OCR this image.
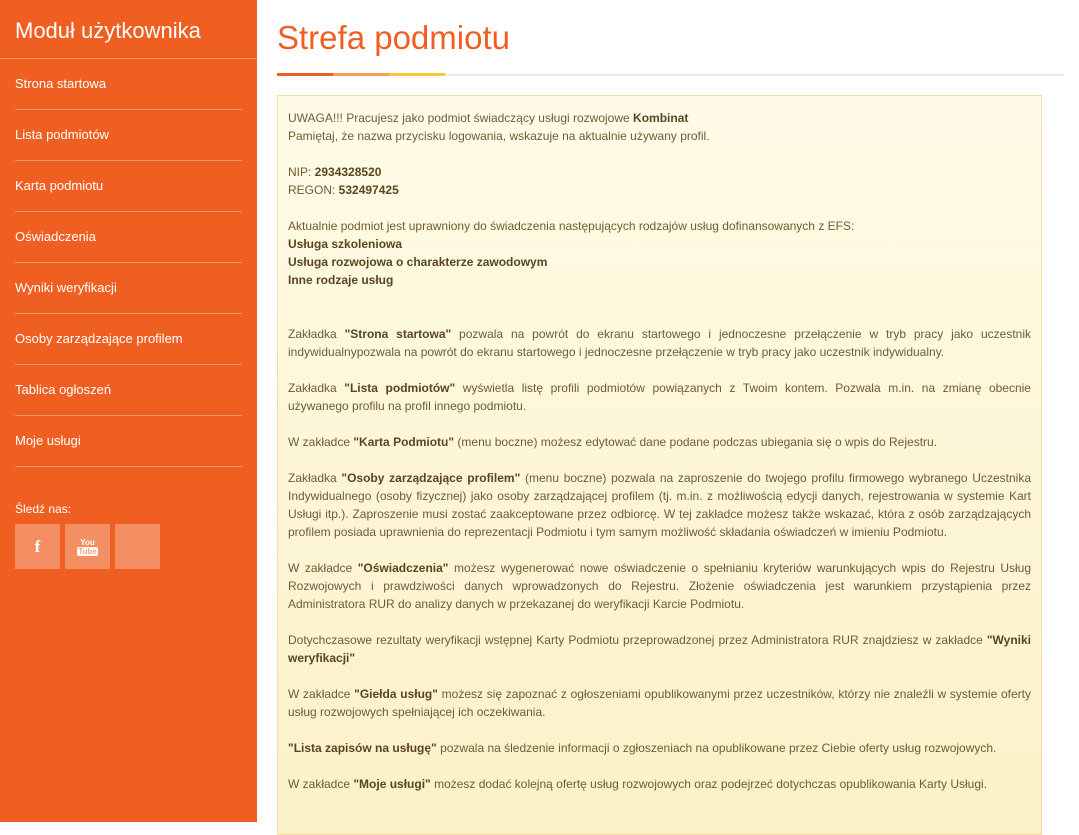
Moduł użytkownika
Strona startowa
Lista podmiotów
Karta podmiotu
Oświadczenia
Wyniki weryfikacji
Osoby zarządzające profilem
Tablica ogłoszeń
Moje usługi
Śledź nas:
f	You
Tube
Strefa podmiotu

UWAGA!!! Pracujesz jako podmiot świadczący usługi rozwojowe Kombinat

Pamiętaj, że nazwa przycisku logowania, wskazuje na aktualnie używany profil.

NIP: 2934328520

REGON: 532497425

Aktualnie podmiot jest uprawniony do świadczenia następujących rodzajów usług dofinansowanych z EFS:

Usługa szkoleniowa

Usługa rozwojowa o charakterze zawodowym

Inne rodzaje usług

Zakładka "Strona startowa" pozwala na powrót do ekranu startowego i jednoczesne przełączenie w tryb pracy jako uczestnik indywidualnypozwala na powrót do ekranu startowego i jednoczesne przełączenie w tryb pracy jako uczestnik indywidualny.

Zakładka "Lista podmiotów" wyświetla listę profili podmiotów powiązanych z Twoim kontem. Pozwala m.in. na zmianę obecnie używanego profilu na profil innego podmiotu.

W zakładce "Karta Podmiotu" (menu boczne) możesz edytować dane podane podczas ubiegania się o wpis do Rejestru.

Zakładka "Osoby zarządzające profilem" (menu boczne) pozwala na zaproszenie do twojego profilu firmowego wybranego Uczestnika Indywidualnego (osoby fizycznej) jako osoby zarządzającej profilem (tj. m.in. z możliwością edycji danych, rejestrowania w systemie Kart Usługi itp.). Zaproszenie musi zostać zaakceptowane przez odbiorcę. W tej zakładce możesz także wskazać, która z osób zarządzających profilem posiada uprawnienia do reprezentacji Podmiotu i tym samym możliwość składania oświadczeń w imieniu Podmiotu.

W zakładce "Oświadczenia" możesz wygenerować nowe oświadczenie o spełnianiu kryteriów warunkujących wpis do Rejestru Usług Rozwojowych i prawdziwości danych wprowadzonych do Rejestru. Złożenie oświadczenia jest warunkiem przystąpienia przez Administratora RUR do analizy danych w przekazanej do weryfikacji Karcie Podmiotu.

Dotychczasowe rezultaty weryfikacji wstępnej Karty Podmiotu przeprowadzonej przez Administratora RUR znajdziesz w zakładce "Wyniki weryfikacji"

W zakładce "Giełda usług" możesz się zapoznać z ogłoszeniami opublikowanymi przez uczestników, którzy nie znaleźli w systemie oferty usług rozwojowych spełniającej ich oczekiwania.

"Lista zapisów na usługę" pozwala na śledzenie informacji o zgłoszeniach na opublikowane przez Ciebie oferty usług rozwojowych.

W zakładce "Moje usługi" możesz dodać kolejną ofertę usług rozwojowych oraz podejrzeć dotychczas opublikowania Karty Usługi.
